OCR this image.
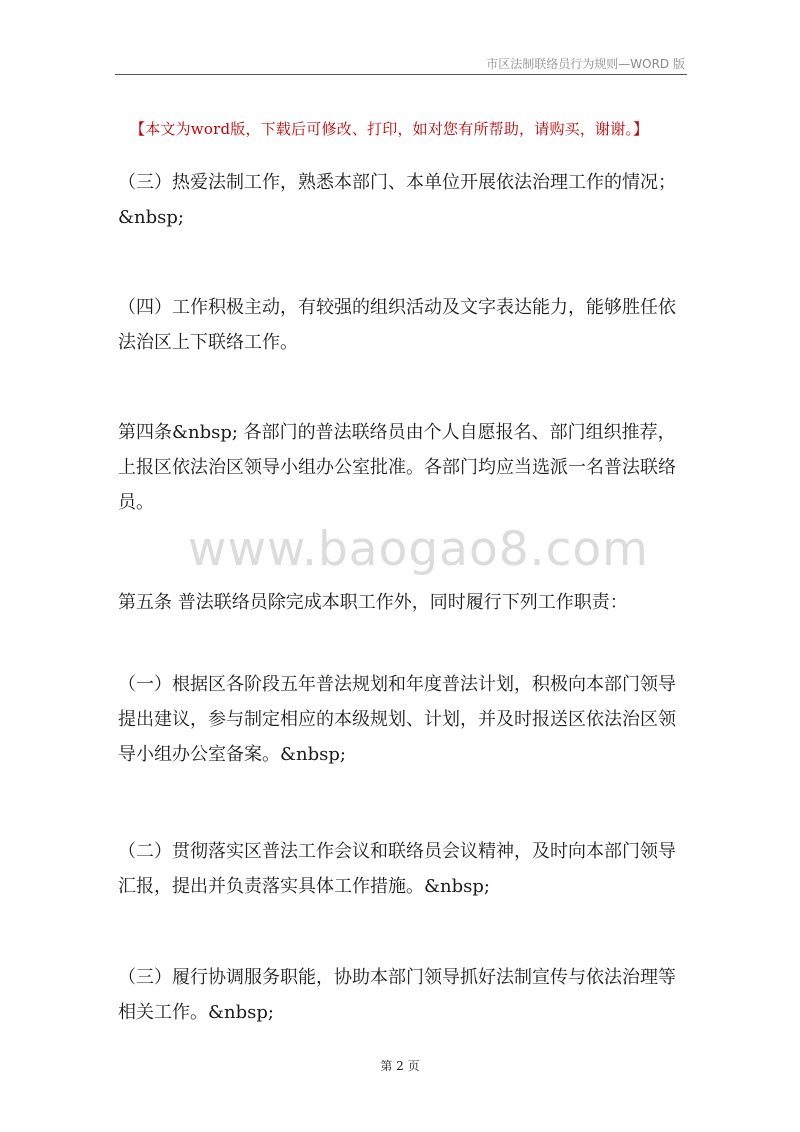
市区法制联络员行为规则—WORD 版
【本文为word版，下载后可修改、打印，如对您有所帮助，请购买，谢谢。】
www.baogao8.com

（三）热爱法制工作，熟悉本部门、本单位开展依法治理工作的情况；&nbsp;

（四）工作积极主动，有较强的组织活动及文字表达能力，能够胜任依法治区上下联络工作。

第四条&nbsp; 各部门的普法联络员由个人自愿报名、部门组织推荐，上报区依法治区领导小组办公室批准。各部门均应当选派一名普法联络员。

第五条 普法联络员除完成本职工作外，同时履行下列工作职责：

（一）根据区各阶段五年普法规划和年度普法计划，积极向本部门领导提出建议，参与制定相应的本级规划、计划，并及时报送区依法治区领导小组办公室备案。&nbsp;

（二）贯彻落实区普法工作会议和联络员会议精神，及时向本部门领导汇报，提出并负责落实具体工作措施。&nbsp;

（三）履行协调服务职能，协助本部门领导抓好法制宣传与依法治理等相关工作。&nbsp;

第 2 页
